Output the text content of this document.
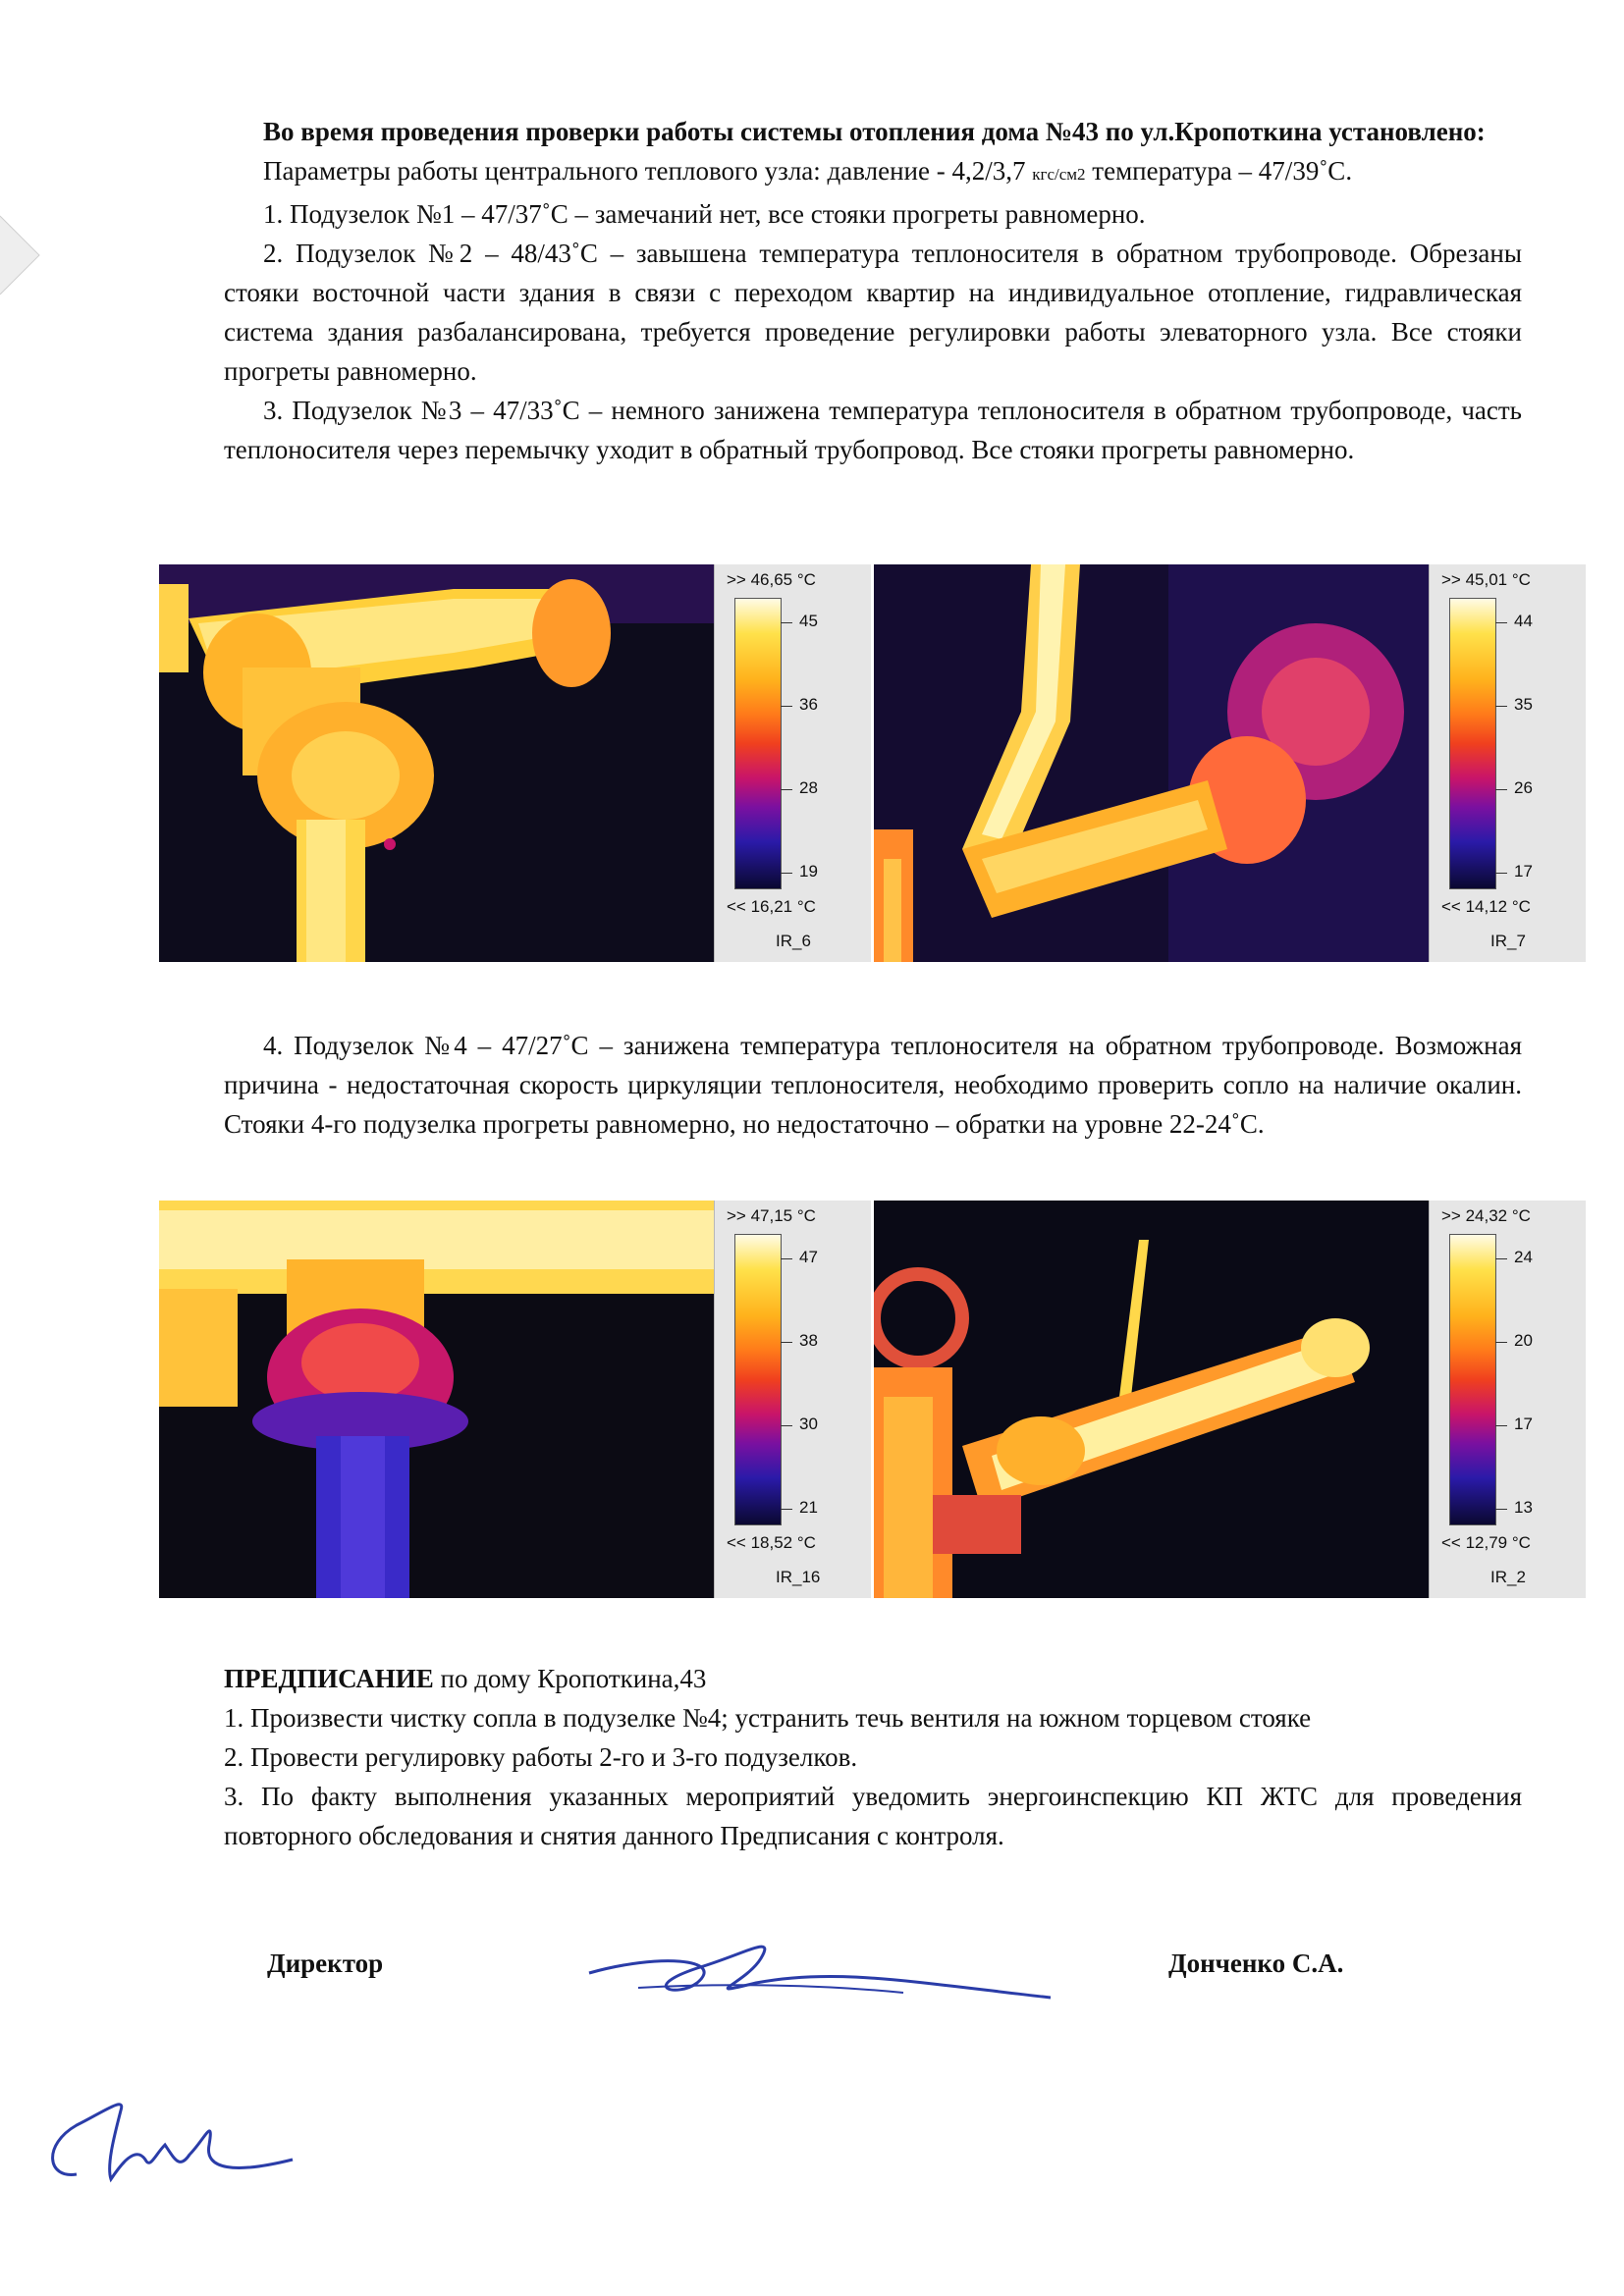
Во время проведения проверки работы системы отопления дома №43 по ул.Кропоткина установлено:

Параметры работы центрального теплового узла: давление - 4,2/3,7 кгс/см2 температура – 47/39˚С.

1. Подузелок №1 – 47/37˚С – замечаний нет, все стояки прогреты равномерно.

2. Подузелок №2 – 48/43˚С – завышена температура теплоносителя в обратном трубопроводе. Обрезаны стояки восточной части здания в связи с переходом квартир на индивидуальное отопление, гидравлическая система здания разбалансирована, требуется проведение регулировки работы элеваторного узла. Все стояки прогреты равномерно.

3. Подузелок №3 – 47/33˚С – немного занижена температура теплоносителя в обратном трубопроводе, часть теплоносителя через перемычку уходит в обратный трубопровод. Все стояки прогреты равномерно.

>> 46,65 °C
45
36
28
19
<< 16,21 °C
IR_6
>> 45,01 °C
44
35
26
17
<< 14,12 °C
IR_7

4. Подузелок №4 – 47/27˚С – занижена температура теплоносителя на обратном трубопроводе. Возможная причина - недостаточная скорость циркуляции теплоносителя, необходимо проверить сопло на наличие окалин. Стояки 4-го подузелка прогреты равномерно, но недостаточно – обратки на уровне 22-24˚С.

>> 47,15 °C
47
38
30
21
<< 18,52 °C
IR_16
>> 24,32 °C
24
20
17
13
<< 12,79 °C
IR_2

ПРЕДПИСАНИЕ по дому Кропоткина,43

1. Произвести чистку сопла в подузелке №4; устранить течь вентиля на южном торцевом стояке

2. Провести регулировку работы 2-го и 3-го подузелков.

3. По факту выполнения указанных мероприятий уведомить энергоинспекцию КП ЖТС для проведения повторного обследования и снятия данного Предписания с контроля.

Директор	Донченко С.А.
